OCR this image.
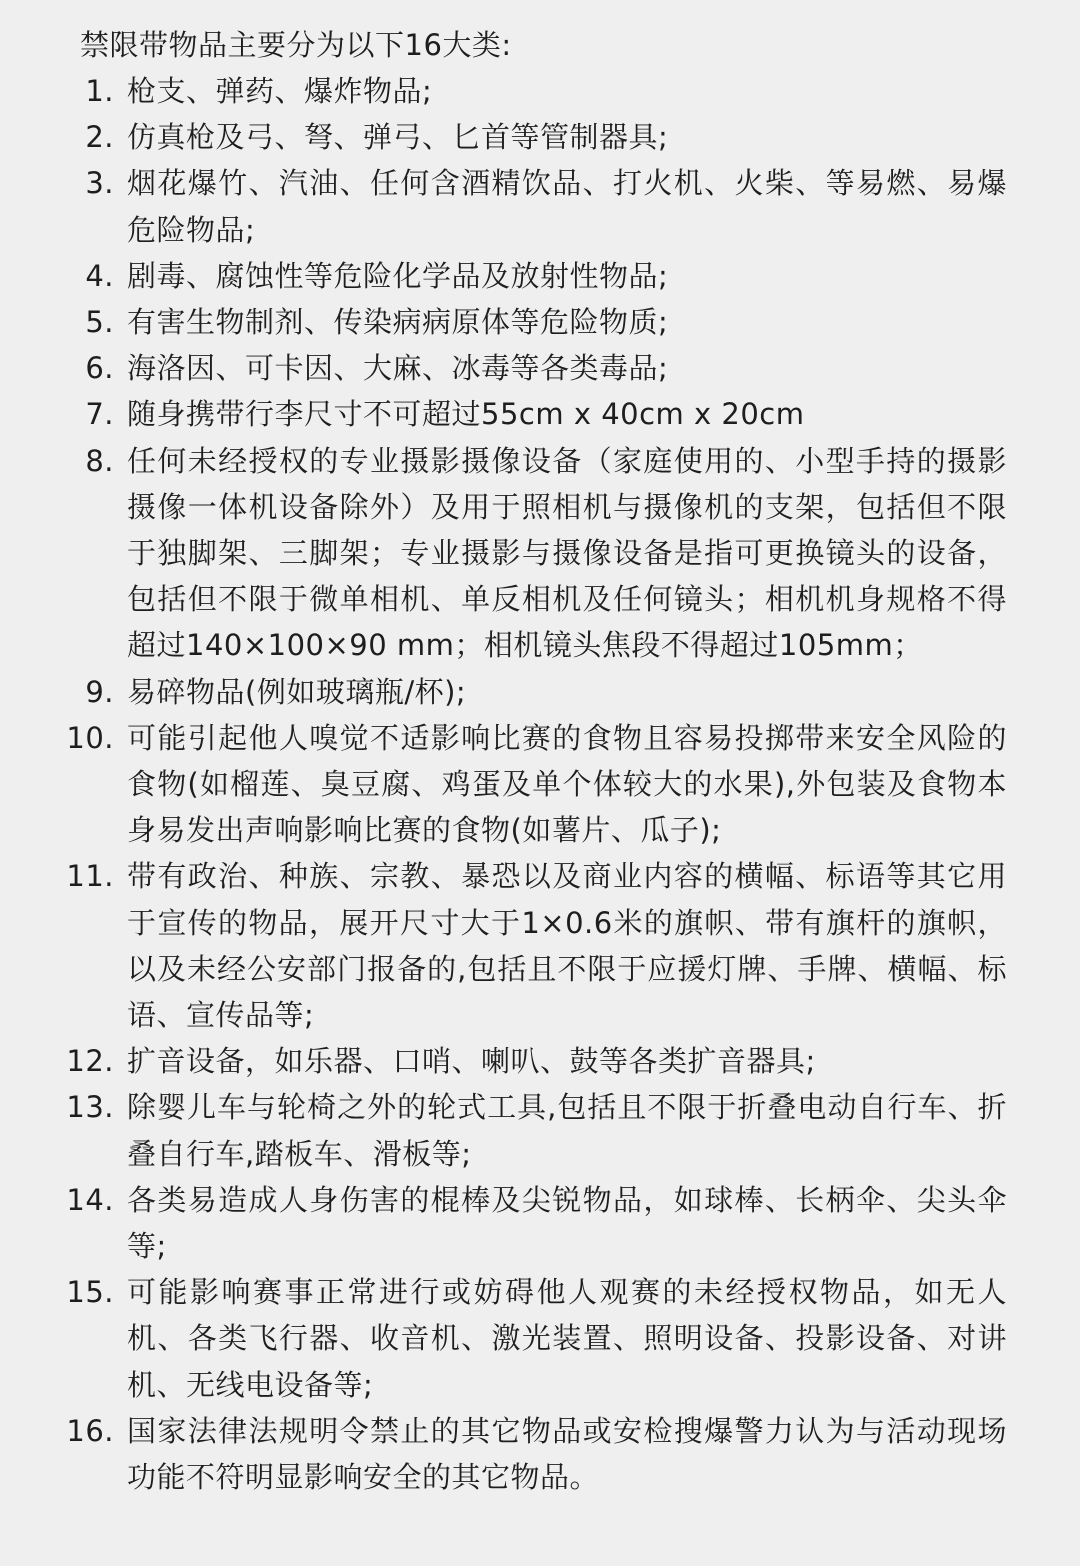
禁限带物品主要分为以下16大类:
1. 枪支、弹药、爆炸物品;
2. 仿真枪及弓、弩、弹弓、匕首等管制器具;
3. 烟花爆竹、汽油、任何含酒精饮品、打火机、火柴、等易燃、易爆危险物品;
4. 剧毒、腐蚀性等危险化学品及放射性物品;
5. 有害生物制剂、传染病病原体等危险物质;
6. 海洛因、可卡因、大麻、冰毒等各类毒品;
7. 随身携带行李尺寸不可超过55cm x 40cm x 20cm
8. 任何未经授权的专业摄影摄像设备（家庭使用的、小型手持的摄影摄像一体机设备除外）及用于照相机与摄像机的支架，包括但不限于独脚架、三脚架；专业摄影与摄像设备是指可更换镜头的设备，包括但不限于微单相机、单反相机及任何镜头；相机机身规格不得超过140×100×90 mm；相机镜头焦段不得超过105mm；
9. 易碎物品(例如玻璃瓶/杯);
10. 可能引起他人嗅觉不适影响比赛的食物且容易投掷带来安全风险的食物(如榴莲、臭豆腐、鸡蛋及单个体较大的水果),外包装及食物本身易发出声响影响比赛的食物(如薯片、瓜子);
11. 带有政治、种族、宗教、暴恐以及商业内容的横幅、标语等其它用于宣传的物品，展开尺寸大于1×0.6米的旗帜、带有旗杆的旗帜，以及未经公安部门报备的,包括且不限于应援灯牌、手牌、横幅、标语、宣传品等;
12. 扩音设备，如乐器、口哨、喇叭、鼓等各类扩音器具;
13. 除婴儿车与轮椅之外的轮式工具,包括且不限于折叠电动自行车、折叠自行车,踏板车、滑板等;
14. 各类易造成人身伤害的棍棒及尖锐物品，如球棒、长柄伞、尖头伞等;
15. 可能影响赛事正常进行或妨碍他人观赛的未经授权物品，如无人机、各类飞行器、收音机、激光装置、照明设备、投影设备、对讲机、无线电设备等;
16. 国家法律法规明令禁止的其它物品或安检搜爆警力认为与活动现场功能不符明显影响安全的其它物品。
